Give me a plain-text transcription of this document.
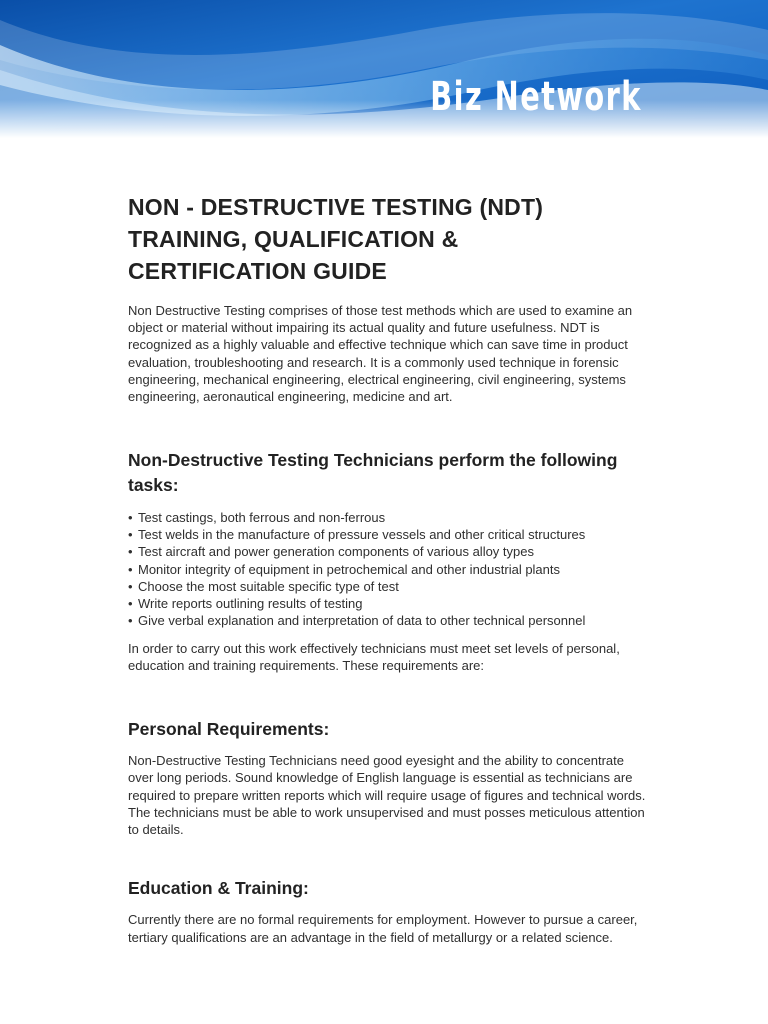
Biz Network
NON - DESTRUCTIVE TESTING (NDT)
TRAINING, QUALIFICATION &
CERTIFICATION GUIDE

Non Destructive Testing comprises of those test methods which are used to examine an object or material without impairing its actual quality and future usefulness. NDT is recognized as a highly valuable and effective technique which can save time in product evaluation, troubleshooting and research. It is a commonly used technique in forensic engineering, mechanical engineering, electrical engineering, civil engineering, systems engineering, aeronautical engineering, medicine and art.

Non-Destructive Testing Technicians perform the following tasks:
• Test castings, both ferrous and non-ferrous
• Test welds in the manufacture of pressure vessels and other critical structures
• Test aircraft and power generation components of various alloy types
• Monitor integrity of equipment in petrochemical and other industrial plants
• Choose the most suitable specific type of test
• Write reports outlining results of testing
• Give verbal explanation and interpretation of data to other technical personnel

In order to carry out this work effectively technicians must meet set levels of personal, education and training requirements. These requirements are:

Personal Requirements:

Non-Destructive Testing Technicians need good eyesight and the ability to concentrate over long periods. Sound knowledge of English language is essential as technicians are required to prepare written reports which will require usage of figures and technical words. The technicians must be able to work unsupervised and must posses meticulous attention to details.

Education & Training:

Currently there are no formal requirements for employment. However to pursue a career, tertiary qualifications are an advantage in the field of metallurgy or a related science.
